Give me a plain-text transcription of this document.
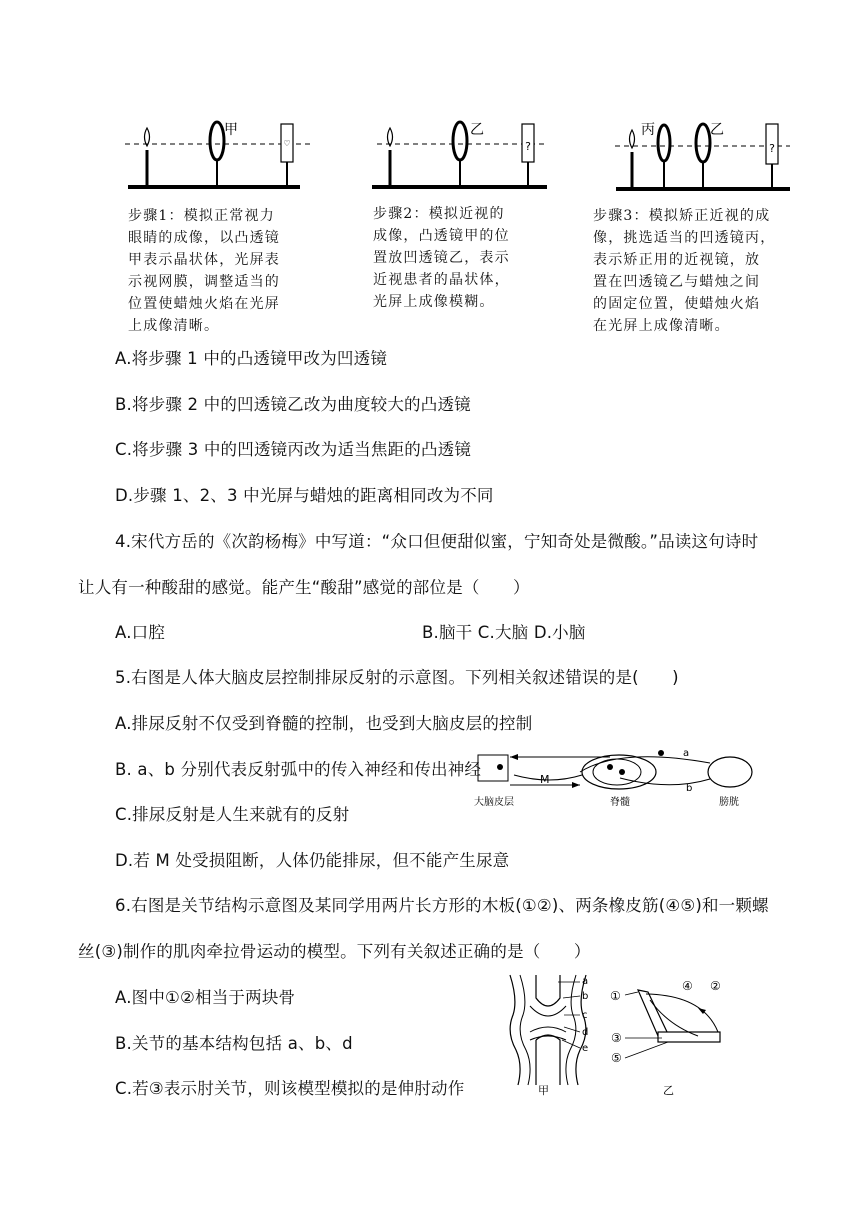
♡
甲
?
乙
?
丙	乙
步骤1：模拟正常视力
眼睛的成像，以凸透镜
甲表示晶状体，光屏表
示视网膜，调整适当的
位置使蜡烛火焰在光屏
上成像清晰。
步骤2：模拟近视的
成像，凸透镜甲的位
置放凹透镜乙，表示
近视患者的晶状体，
光屏上成像模糊。
步骤3：模拟矫正近视的成
像，挑选适当的凹透镜丙，
表示矫正用的近视镜，放
置在凹透镜乙与蜡烛之间
的固定位置，使蜡烛火焰
在光屏上成像清晰。
A.将步骤 1 中的凸透镜甲改为凹透镜
B.将步骤 2 中的凹透镜乙改为曲度较大的凸透镜
C.将步骤 3 中的凹透镜丙改为适当焦距的凸透镜
D.步骤 1、2、3 中光屏与蜡烛的距离相同改为不同
4.宋代方岳的《次韵杨梅》中写道：“众口但便甜似蜜，宁知奇处是微酸。”品读这句诗时
让人有一种酸甜的感觉。能产生“酸甜”感觉的部位是（　　）
A.口腔	B.脑干 C.大脑 D.小脑
5.右图是人体大脑皮层控制排尿反射的示意图。下列相关叙述错误的是(　　)
A.排尿反射不仅受到脊髓的控制，也受到大脑皮层的控制
B. a、b 分别代表反射弧中的传入神经和传出神经
C.排尿反射是人生来就有的反射
D.若 M 处受损阻断，人体仍能排尿，但不能产生尿意
M
a
b
大脑皮层	脊髓	膀胱
6.右图是关节结构示意图及某同学用两片长方形的木板(①②)、两条橡皮筋(④⑤)和一颗螺
丝(③)制作的肌肉牵拉骨运动的模型。下列有关叙述正确的是（　　）
A.图中①②相当于两块骨
B.关节的基本结构包括 a、b、d
C.若③表示肘关节，则该模型模拟的是伸肘动作
a
b
c
d
e
甲
①
④ ②
③
⑤
乙
